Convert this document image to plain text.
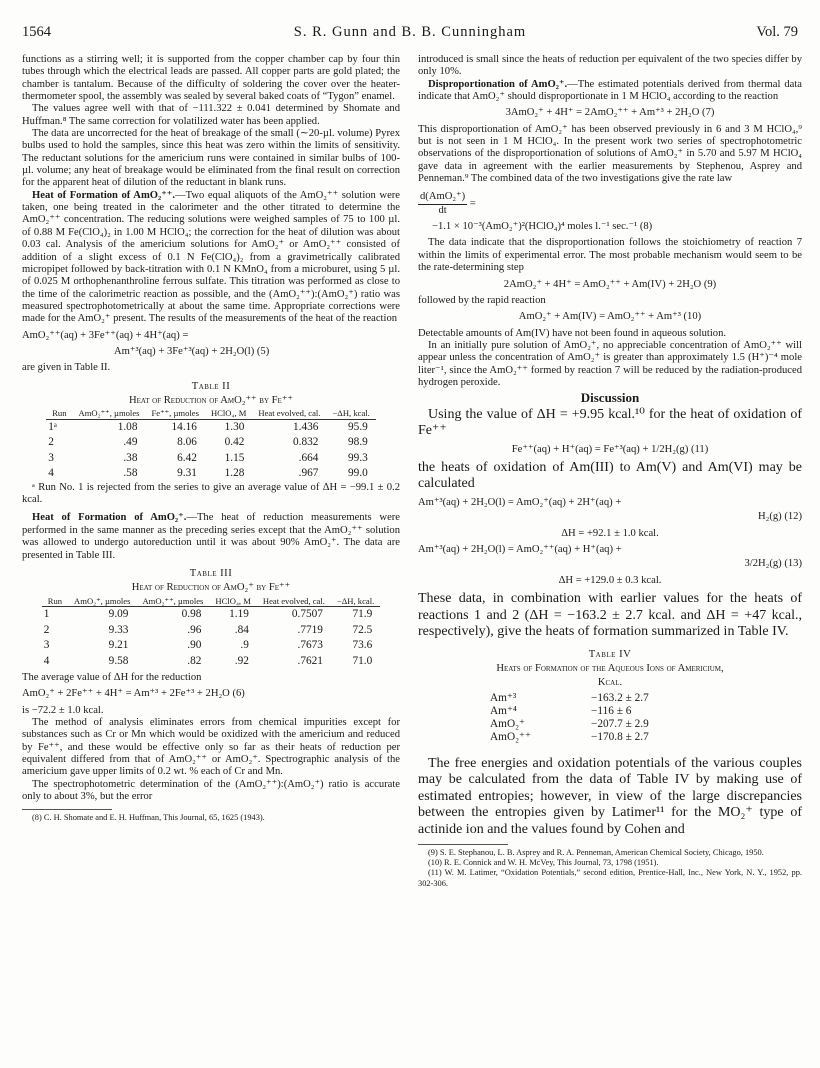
1564	S. R. Gunn and B. B. Cunningham	Vol. 79

functions as a stirring well; it is supported from the copper chamber cap by four thin tubes through which the electrical leads are passed. All copper parts are gold plated; the chamber is tantalum. Because of the difficulty of soldering the cover over the heater-thermometer spool, the assembly was sealed by several baked coats of “Tygon” enamel.

The values agree well with that of −111.322 ± 0.041 determined by Shomate and Huffman.⁸ The same correction for volatilized water has been applied.

The data are uncorrected for the heat of breakage of the small (∼20-µl. volume) Pyrex bulbs used to hold the samples, since this heat was zero within the limits of sensitivity. The reductant solutions for the americium runs were contained in similar bulbs of 100-µl. volume; any heat of breakage would be eliminated from the final result on correction for the apparent heat of dilution of the reductant in blank runs.

Heat of Formation of AmO₂⁺⁺.—Two equal aliquots of the AmO₂⁺⁺ solution were taken, one being treated in the calorimeter and the other titrated to determine the AmO₂⁺⁺ concentration. The reducing solutions were weighed samples of 75 to 100 µl. of 0.88 M Fe(ClO₄)₂ in 1.00 M HClO₄; the correction for the heat of dilution was about 0.03 cal. Analysis of the americium solutions for AmO₂⁺ or AmO₂⁺⁺ consisted of addition of a slight excess of 0.1 N Fe(ClO₄)₂ from a gravimetrically calibrated micropipet followed by back-titration with 0.1 N KMnO₄ from a microburet, using 5 µl. of 0.025 M orthophenanthroline ferrous sulfate. This titration was performed as close to the time of the calorimetric reaction as possible, and the (AmO₂⁺⁺):(AmO₂⁺) ratio was measured spectrophotometrically at about the same time. Appropriate corrections were made for the AmO₂⁺ present. The results of the measurements of the heat of the reaction

AmO₂⁺⁺(aq) + 3Fe⁺⁺(aq) + 4H⁺(aq) =
Am⁺³(aq) + 3Fe⁺³(aq) + 2H₂O(l) (5)

are given in Table II.

Table II
Heat of Reduction of AmO₂⁺⁺ by Fe⁺⁺
Run	AmO₂⁺⁺, µmoles	Fe⁺⁺, µmoles	HClO₄, M	Heat evolved, cal.	−ΔH, kcal.
1ᵃ	1.08	14.16	1.30	1.436	95.9
2	.49	8.06	0.42	0.832	98.9
3	.38	6.42	1.15	.664	99.3
4	.58	9.31	1.28	.967	99.0

ᵃ Run No. 1 is rejected from the series to give an average value of ΔH = −99.1 ± 0.2 kcal.

Heat of Formation of AmO₂⁺.—The heat of reduction measurements were performed in the same manner as the preceding series except that the AmO₂⁺⁺ solution was allowed to undergo autoreduction until it was about 90% AmO₂⁺. The data are presented in Table III.

Table III
Heat of Reduction of AmO₂⁺ by Fe⁺⁺
Run	AmO₂⁺, µmoles	AmO₂⁺⁺, µmoles	HClO₄, M	Heat evolved, cal.	−ΔH, kcal.
1	9.09	0.98	1.19	0.7507	71.9
2	9.33	.96	.84	.7719	72.5
3	9.21	.90	.9	.7673	73.6
4	9.58	.82	.92	.7621	71.0

The average value of ΔH for the reduction

AmO₂⁺ + 2Fe⁺⁺ + 4H⁺ = Am⁺³ + 2Fe⁺³ + 2H₂O (6)

is −72.2 ± 1.0 kcal.

The method of analysis eliminates errors from chemical impurities except for substances such as Cr or Mn which would be oxidized with the americium and reduced by Fe⁺⁺, and these would be effective only so far as their heats of reduction per equivalent differed from that of AmO₂⁺⁺ or AmO₂⁺. Spectrographic analysis of the americium gave upper limits of 0.2 wt. % each of Cr and Mn.

The spectrophotometric determination of the (AmO₂⁺⁺):(AmO₂⁺) ratio is accurate only to about 3%, but the error

(8) C. H. Shomate and E. H. Huffman, This Journal, 65, 1625 (1943).

introduced is small since the heats of reduction per equivalent of the two species differ by only 10%.

Disproportionation of AmO₂⁺.—The estimated potentials derived from thermal data indicate that AmO₂⁺ should disproportionate in 1 M HClO₄ according to the reaction

3AmO₂⁺ + 4H⁺ = 2AmO₂⁺⁺ + Am⁺³ + 2H₂O (7)

This disproportionation of AmO₂⁺ has been observed previously in 6 and 3 M HClO₄,⁹ but is not seen in 1 M HClO₄. In the present work two series of spectrophotometric observations of the disproportionation of solutions of AmO₂⁺ in 5.70 and 5.97 M HClO₄ gave data in agreement with the earlier measurements by Stephenou, Asprey and Penneman.⁹ The combined data of the two investigations give the rate law

$\frac{\text{d(AmO₂⁺)}}{dt}$ =
−1.1 × 10⁻³(AmO₂⁺)²(HClO₄)⁴ moles l.⁻¹ sec.⁻¹ (8)

The data indicate that the disproportionation follows the stoichiometry of reaction 7 within the limits of experimental error. The most probable mechanism would seem to be the rate-determining step

2AmO₂⁺ + 4H⁺ = AmO₂⁺⁺ + Am(IV) + 2H₂O (9)

followed by the rapid reaction

AmO₂⁺ + Am(IV) = AmO₂⁺⁺ + Am⁺³ (10)

Detectable amounts of Am(IV) have not been found in aqueous solution.

In an initially pure solution of AmO₂⁺, no appreciable concentration of AmO₂⁺⁺ will appear unless the concentration of AmO₂⁺ is greater than approximately 1.5 (H⁺)⁻⁴ mole liter⁻¹, since the AmO₂⁺⁺ formed by reaction 7 will be reduced by the radiation-produced hydrogen peroxide.

Discussion

Using the value of ΔH = +9.95 kcal.¹⁰ for the heat of oxidation of Fe⁺⁺

Fe⁺⁺(aq) + H⁺(aq) = Fe⁺³(aq) + 1/2H₂(g) (11)

the heats of oxidation of Am(III) to Am(V) and Am(VI) may be calculated

Am⁺³(aq) + 2H₂O(l) = AmO₂⁺(aq) + 2H⁺(aq) +
H₂(g) (12)
ΔH = +92.1 ± 1.0 kcal.
Am⁺³(aq) + 2H₂O(l) = AmO₂⁺⁺(aq) + H⁺(aq) +
3/2H₂(g) (13)
ΔH = +129.0 ± 0.3 kcal.

These data, in combination with earlier values for the heats of reactions 1 and 2 (ΔH = −163.2 ± 2.7 kcal. and ΔH = +47 kcal., respectively), give the heats of formation summarized in Table IV.

Table IV
Heats of Formation of the Aqueous Ions of Americium,
Kcal.
Am⁺³	−163.2 ± 2.7
Am⁺⁴	−116 ± 6
AmO₂⁺	−207.7 ± 2.9
AmO₂⁺⁺	−170.8 ± 2.7

The free energies and oxidation potentials of the various couples may be calculated from the data of Table IV by making use of estimated entropies; however, in view of the large discrepancies between the entropies given by Latimer¹¹ for the MO₂⁺ type of actinide ion and the values found by Cohen and

(9) S. E. Stephanou, L. B. Asprey and R. A. Penneman, American Chemical Society, Chicago, 1950.

(10) R. E. Connick and W. H. McVey, This Journal, 73, 1798 (1951).

(11) W. M. Latimer, “Oxidation Potentials,” second edition, Prentice-Hall, Inc., New York, N. Y., 1952, pp. 302-306.
